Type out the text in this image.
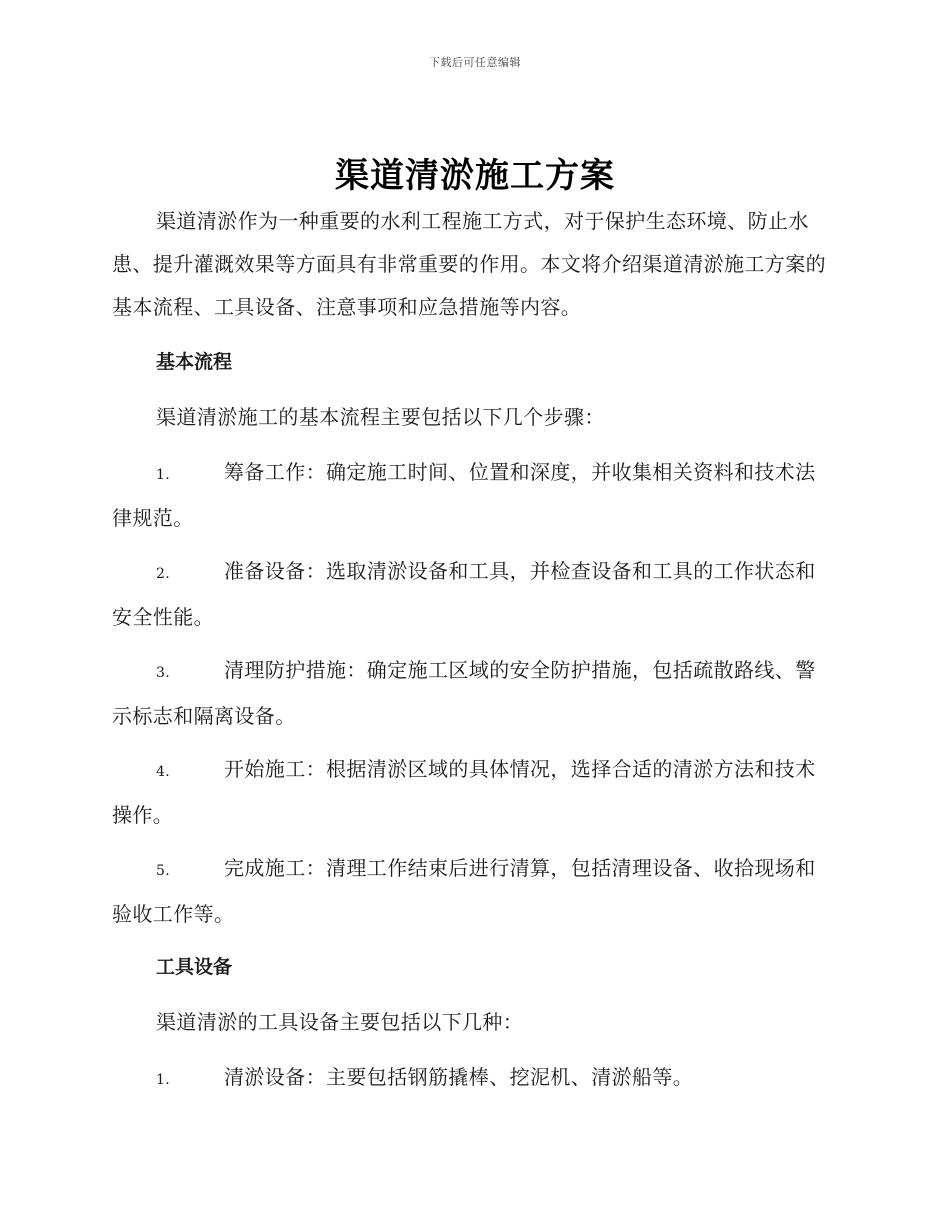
下载后可任意编辑
渠道清淤施工方案

渠道清淤作为一种重要的水利工程施工方式，对于保护生态环境、防止水患、提升灌溉效果等方面具有非常重要的作用。本文将介绍渠道清淤施工方案的基本流程、工具设备、注意事项和应急措施等内容。

基本流程

渠道清淤施工的基本流程主要包括以下几个步骤：

1.	筹备工作：确定施工时间、位置和深度，并收集相关资料和技术法律规范。

2.	准备设备：选取清淤设备和工具，并检查设备和工具的工作状态和安全性能。

3.	清理防护措施：确定施工区域的安全防护措施，包括疏散路线、警示标志和隔离设备。

4.	开始施工：根据清淤区域的具体情况，选择合适的清淤方法和技术操作。

5.	完成施工：清理工作结束后进行清算，包括清理设备、收拾现场和验收工作等。

工具设备

渠道清淤的工具设备主要包括以下几种：

1.	清淤设备：主要包括钢筋撬棒、挖泥机、清淤船等。
